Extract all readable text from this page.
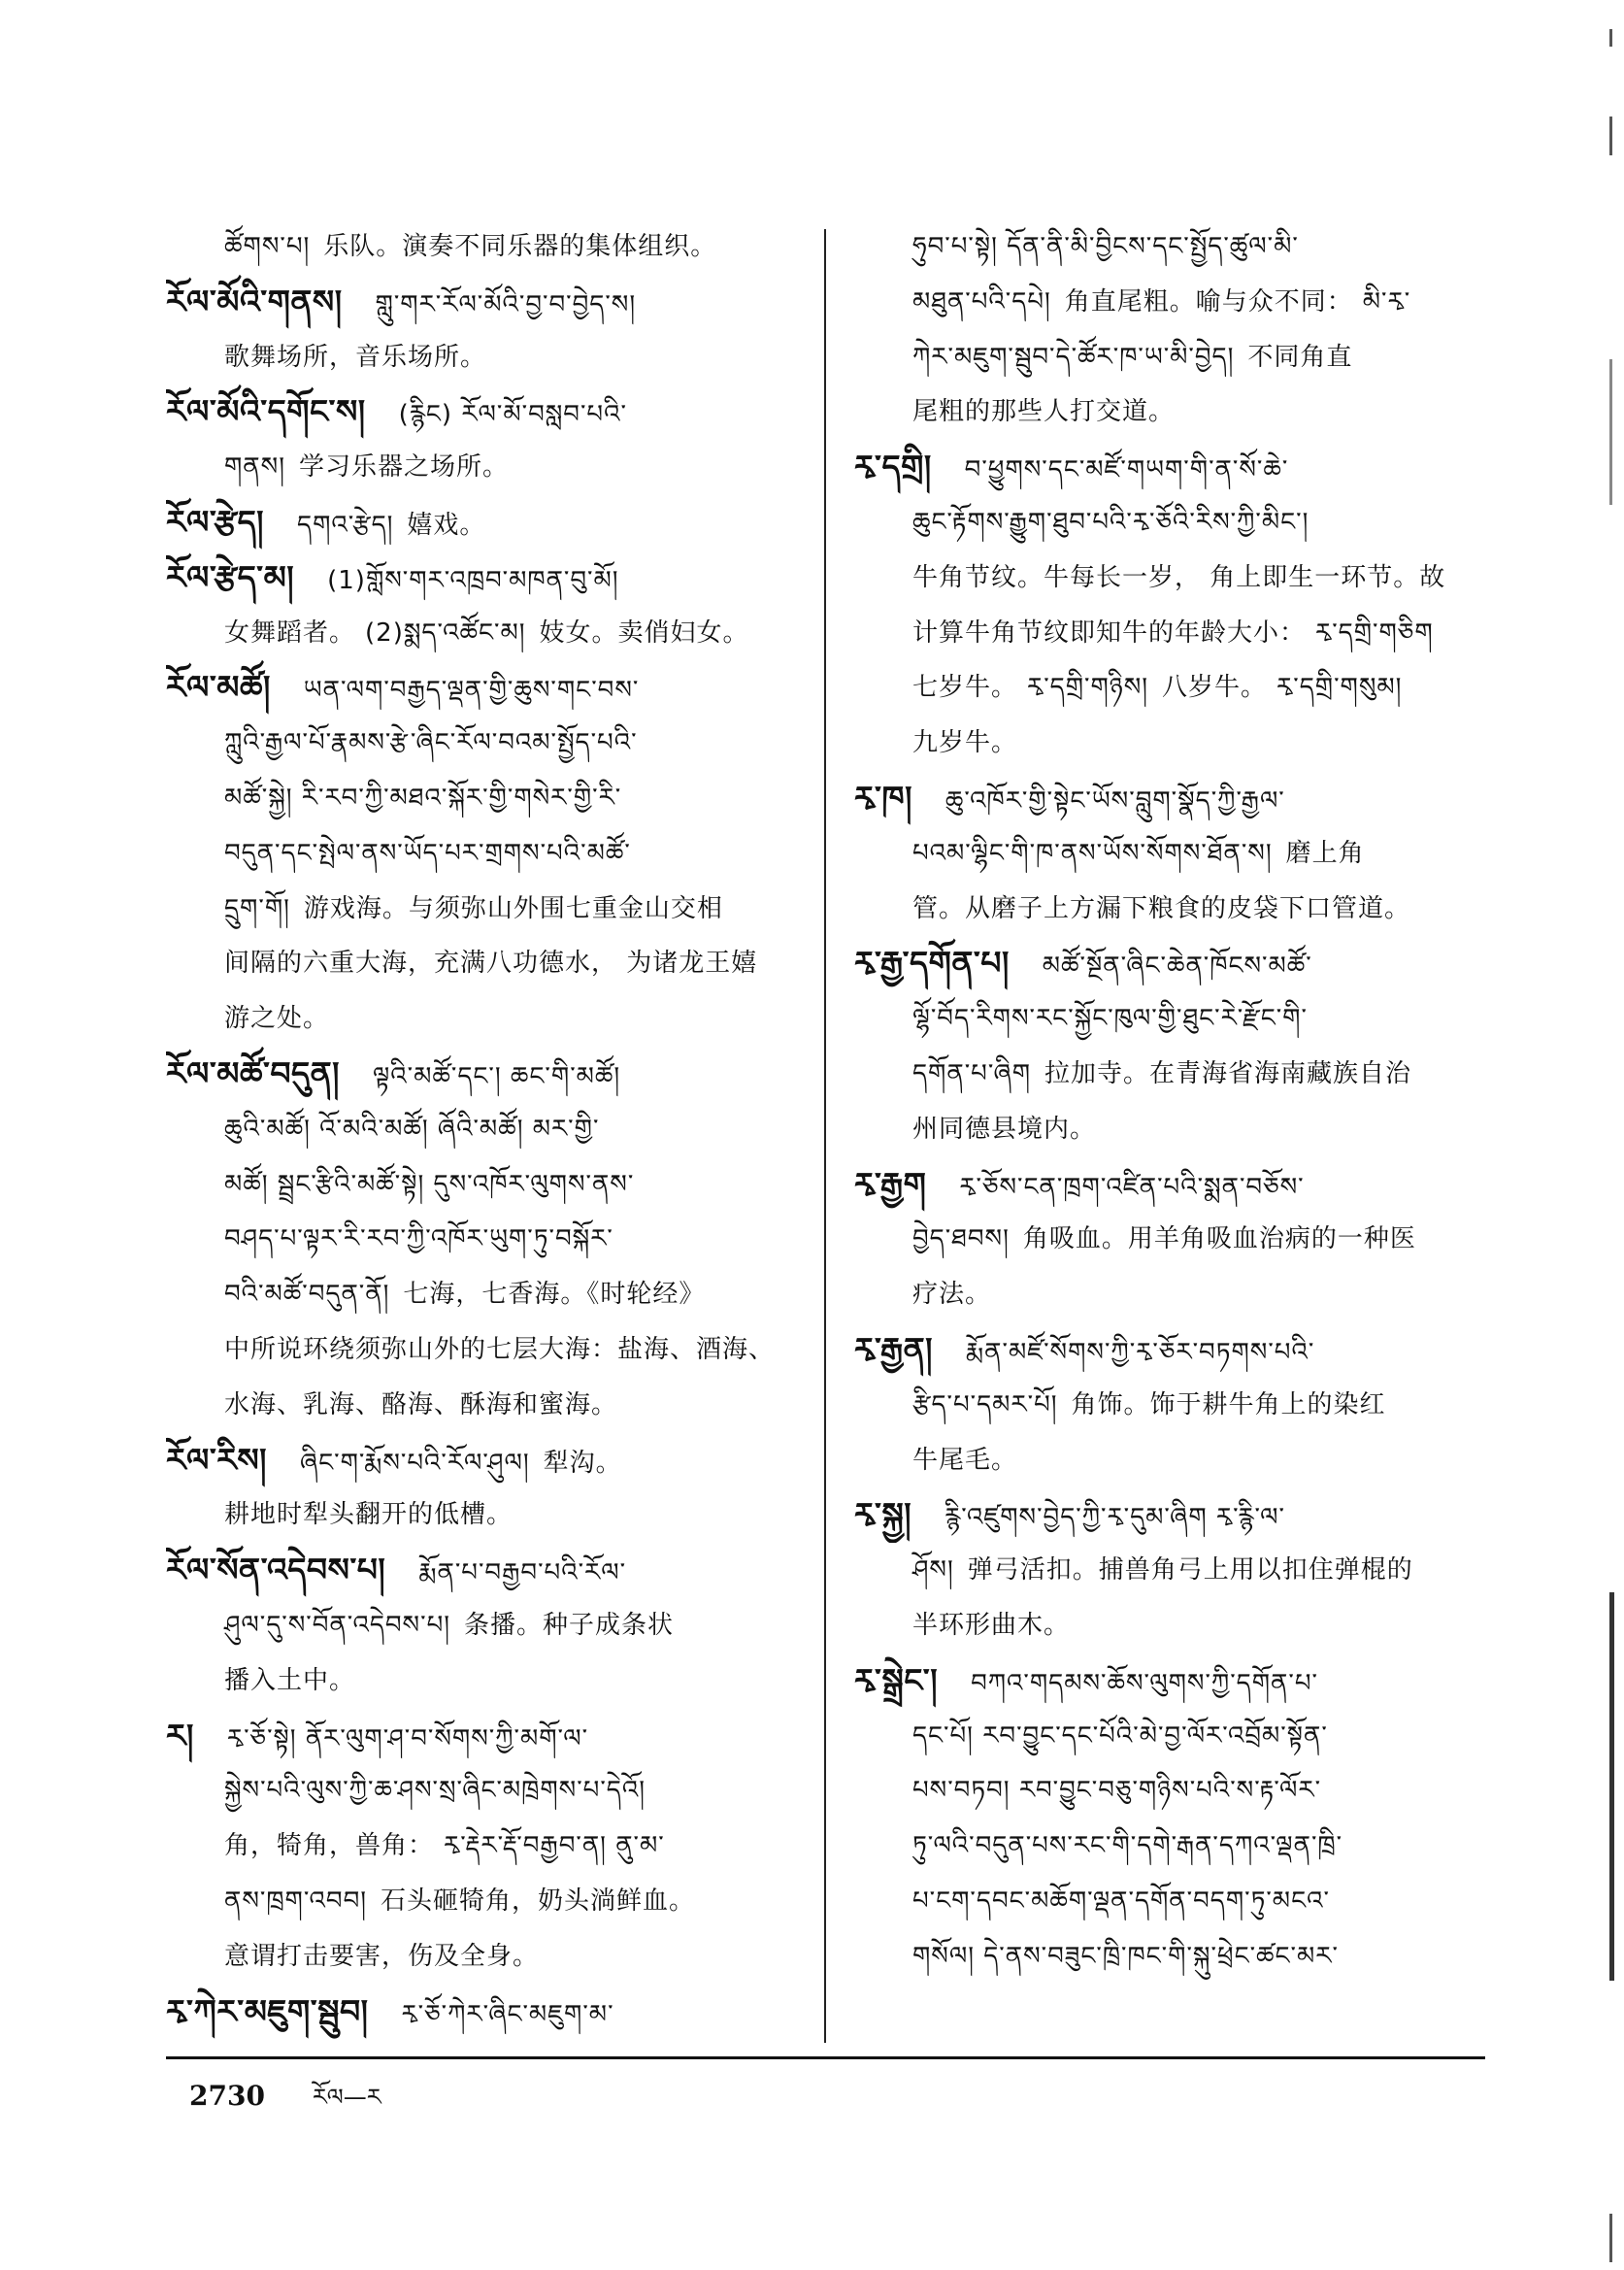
ཚོགས་པ། 乐队。演奏不同乐器的集体组织。
རོལ་མོའི་གནས། གླུ་གར་རོལ་མོའི་བྱ་བ་བྱེད་ས།
歌舞场所，音乐场所。
རོལ་མོའི་དགོང་ས། (རྙིང) རོལ་མོ་བསླབ་པའི་
གནས། 学习乐器之场所。
རོལ་རྩེད། དགའ་རྩེད། 嬉戏。
རོལ་རྩེད་མ། (1)གློས་གར་འཁྲབ་མཁན་བུ་མོ།
女舞蹈者。 (2)སྨད་འཚོང་མ། 妓女。卖俏妇女。
རོལ་མཚོ། ཡན་ལག་བརྒྱད་ལྡན་གྱི་ཆུས་གང་བས་
ཀླུའི་རྒྱལ་པོ་རྣམས་རྩེ་ཞིང་རོལ་བའམ་སྤྱོད་པའི་
མཚོ་སྐྱེ། རི་རབ་ཀྱི་མཐའ་སྐོར་གྱི་གསེར་གྱི་རི་
བདུན་དང་སྤེལ་ནས་ཡོད་པར་གྲགས་པའི་མཚོ་
དྲུག་གོ། 游戏海。与须弥山外围七重金山交相
间隔的六重大海，充满八功德水， 为诸龙王嬉
游之处。
རོལ་མཚོ་བདུན། ལྟའི་མཚོ་དང་། ཆང་གི་མཚོ།
ཆུའི་མཚོ། འོ་མའི་མཚོ། ཞོའི་མཚོ། མར་གྱི་
མཚོ། སྦྲང་རྩིའི་མཚོ་སྟེ། དུས་འཁོར་ལུགས་ནས་
བཤད་པ་ལྟར་རི་རབ་ཀྱི་འཁོར་ཡུག་ཏུ་བསྐོར་
བའི་མཚོ་བདུན་ནོ། 七海，七香海。《时轮经》
中所说环绕须弥山外的七层大海：盐海、酒海、
水海、乳海、酪海、酥海和蜜海。
རོལ་རིས། ཞིང་ག་རྨོས་པའི་རོལ་ཤུལ། 犁沟。
耕地时犁头翻开的低槽。
རོལ་སོན་འདེབས་པ། རྨོན་པ་བརྒྱབ་པའི་རོལ་
ཤུལ་དུ་ས་བོན་འདེབས་པ། 条播。种子成条状
播入土中。
ར། རྭ་ཅོ་སྟེ། ནོར་ལུག་ཤ་བ་སོགས་ཀྱི་མགོ་ལ་
སྐྱེས་པའི་ལུས་ཀྱི་ཆ་ཤས་སྲ་ཞིང་མཁྲེགས་པ་དེའོ།
角，犄角，兽角： རྭ་རྡེར་རྡོ་བརྒྱབ་ན། ནུ་མ་
ནས་ཁྲག་འབབ། 石头砸犄角，奶头淌鲜血。
意谓打击要害，伤及全身。
རྭ་ཀེར་མཇུག་སྦུབ། རྭ་ཅོ་ཀེར་ཞིང་མཇུག་མ་
ཧུབ་པ་སྟེ། དོན་ནི་མི་བྱིངས་དང་སྤྱོད་ཚུལ་མི་
མཐུན་པའི་དཔེ། 角直尾粗。喻与众不同： མི་རྭ་
ཀེར་མཇུག་སྦུབ་དེ་ཚོར་ཁ་ཡ་མི་བྱེད། 不同角直
尾粗的那些人打交道。
རྭ་དགྲི། བ་ཕྱུགས་དང་མཛོ་གཡག་གི་ན་སོ་ཆེ་
ཆུང་རྟོགས་རྒྱུག་ཐུབ་པའི་རྭ་ཅོའི་རིས་ཀྱི་མིང་།
牛角节纹。牛每长一岁， 角上即生一环节。故
计算牛角节纹即知牛的年龄大小： རྭ་དགྲི་གཅིག
七岁牛。 རྭ་དགྲི་གཉིས། 八岁牛。 རྭ་དགྲི་གསུམ།
九岁牛。
རྭ་ཁ། ཆུ་འཁོར་གྱི་སྟེང་ཡོས་བླུག་སྣོད་ཀྱི་རྒྱལ་
པའམ་ལྷིང་གི་ཁ་ནས་ཡོས་སོགས་ཐོན་ས། 磨上角
管。从磨子上方漏下粮食的皮袋下口管道。
རྭ་རྒྱ་དགོན་པ། མཚོ་སྔོན་ཞིང་ཆེན་ཁོངས་མཚོ་
ལྷོ་བོད་རིགས་རང་སྐྱོང་ཁུལ་གྱི་ཐུང་རེ་རྫོང་གི་
དགོན་པ་ཞིག 拉加寺。在青海省海南藏族自治
州同德县境内。
རྭ་རྒྱག རྭ་ཅོས་ངན་ཁྲག་འཛིན་པའི་སྨན་བཅོས་
བྱེད་ཐབས། 角吸血。用羊角吸血治病的一种医
疗法。
རྭ་རྒྱན། རྨོན་མཛོ་སོགས་ཀྱི་རྭ་ཅོར་བཏགས་པའི་
རྩིད་པ་དམར་པོ། 角饰。饰于耕牛角上的染红
牛尾毛。
རྭ་སྐྱ། རྙི་འཛུགས་བྱེད་ཀྱི་རྭ་དུམ་ཞིག རྭ་རྙི་ལ་
ཤོས། 弹弓活扣。捕兽角弓上用以扣住弹棍的
半环形曲木。
རྭ་སྒྲེང་། བཀའ་གདམས་ཆོས་ལུགས་ཀྱི་དགོན་པ་
དང་པོ། རབ་བྱུང་དང་པོའི་མེ་བྱ་ལོར་འབྲོམ་སྟོན་
པས་བཏབ། རབ་བྱུང་བཅུ་གཉིས་པའི་ས་རྟ་ལོར་
ཏུ་ལའི་བདུན་པས་རང་གི་དགེ་རྒན་དཀའ་ལྡན་ཁྲི་
པ་ངག་དབང་མཆོག་ལྡན་དགོན་བདག་ཏུ་མངའ་
གསོལ། དེ་ནས་བཟུང་ཁྲི་ཁང་གི་སྐུ་ཕྲེང་ཚང་མར་
2730 རོལ—ར
